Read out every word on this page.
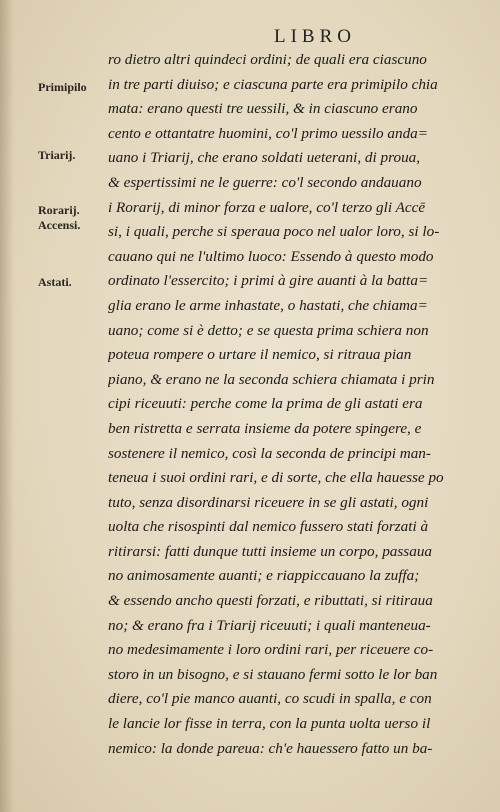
LIBRO
Primipilo
Triarij.
Rorarij.
Accensi.
Astati.
ro dietro altri quindeci ordini; de quali era ciascuno
in tre parti diuiso; e ciascuna parte era primipilo chia
mata: erano questi tre uessili, & in ciascuno erano
cento e ottantatre huomini, co'l primo uessilo anda=
uano i Triarij, che erano soldati ueterani, di proua,
& espertissimi ne le guerre: co'l secondo andauano
i Rorarij, di minor forza e ualore, co'l terzo gli Accē
si, i quali, perche si speraua poco nel ualor loro, si lo-
cauano qui ne l'ultimo luoco: Essendo à questo modo
ordinato l'essercito; i primi à gire auanti à la batta=
glia erano le arme inhastate, o hastati, che chiama=
uano; come si è detto; e se questa prima schiera non
poteua rompere o urtare il nemico, si ritraua pian
piano, & erano ne la seconda schiera chiamata i prin
cipi riceuuti: perche come la prima de gli astati era
ben ristretta e serrata insieme da potere spingere, e
sostenere il nemico, così la seconda de principi man-
teneua i suoi ordini rari, e di sorte, che ella hauesse po
tuto, senza disordinarsi riceuere in se gli astati, ogni
uolta che risospinti dal nemico fussero stati forzati à
ritirarsi: fatti dunque tutti insieme un corpo, passaua
no animosamente auanti; e riappiccauano la zuffa;
& essendo ancho questi forzati, e ributtati, si ritiraua
no; & erano fra i Triarij riceuuti; i quali manteneua-
no medesimamente i loro ordini rari, per riceuere co-
storo in un bisogno, e si stauano fermi sotto le lor ban
diere, co'l pie manco auanti, co scudi in spalla, e con
le lancie lor fisse in terra, con la punta uolta uerso il
nemico: la donde pareua: ch'e hauessero fatto un ba-
